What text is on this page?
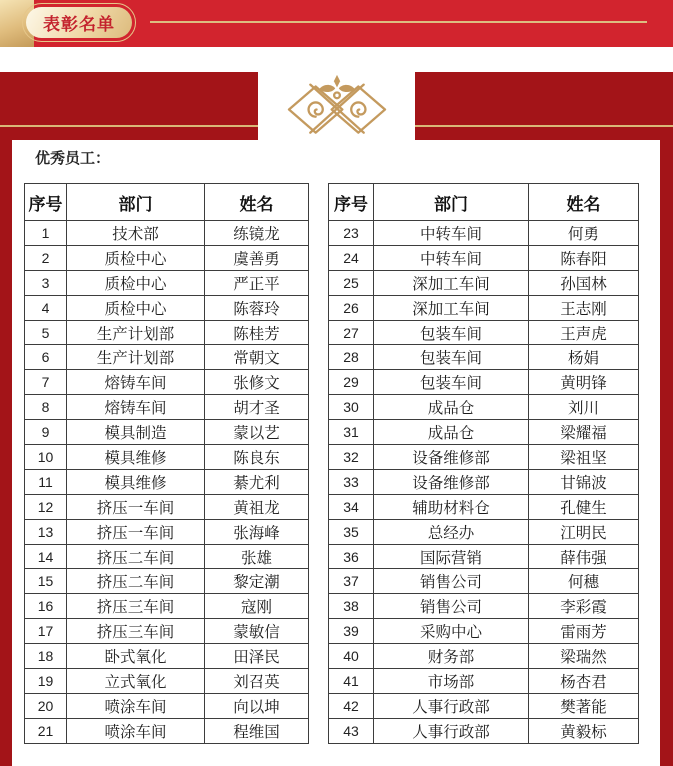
表彰名单
优秀员工：
序号	部门	姓名
1	技术部	练镜龙
2	质检中心	虞善勇
3	质检中心	严正平
4	质检中心	陈蓉玲
5	生产计划部	陈桂芳
6	生产计划部	常朝文
7	熔铸车间	张修文
8	熔铸车间	胡才圣
9	模具制造	蒙以艺
10	模具维修	陈良东
11	模具维修	綦尤利
12	挤压一车间	黄祖龙
13	挤压一车间	张海峰
14	挤压二车间	张雄
15	挤压二车间	黎定潮
16	挤压三车间	寇刚
17	挤压三车间	蒙敏信
18	卧式氧化	田泽民
19	立式氧化	刘召英
20	喷涂车间	向以坤
21	喷涂车间	程维国
序号	部门	姓名
23	中转车间	何勇
24	中转车间	陈春阳
25	深加工车间	孙国林
26	深加工车间	王志刚
27	包装车间	王声虎
28	包装车间	杨娟
29	包装车间	黄明锋
30	成品仓	刘川
31	成品仓	梁耀福
32	设备维修部	梁祖坚
33	设备维修部	甘锦波
34	辅助材料仓	孔健生
35	总经办	江明民
36	国际营销	薛伟强
37	销售公司	何穗
38	销售公司	李彩霞
39	采购中心	雷雨芳
40	财务部	梁瑞然
41	市场部	杨杏君
42	人事行政部	樊著能
43	人事行政部	黄毅标
